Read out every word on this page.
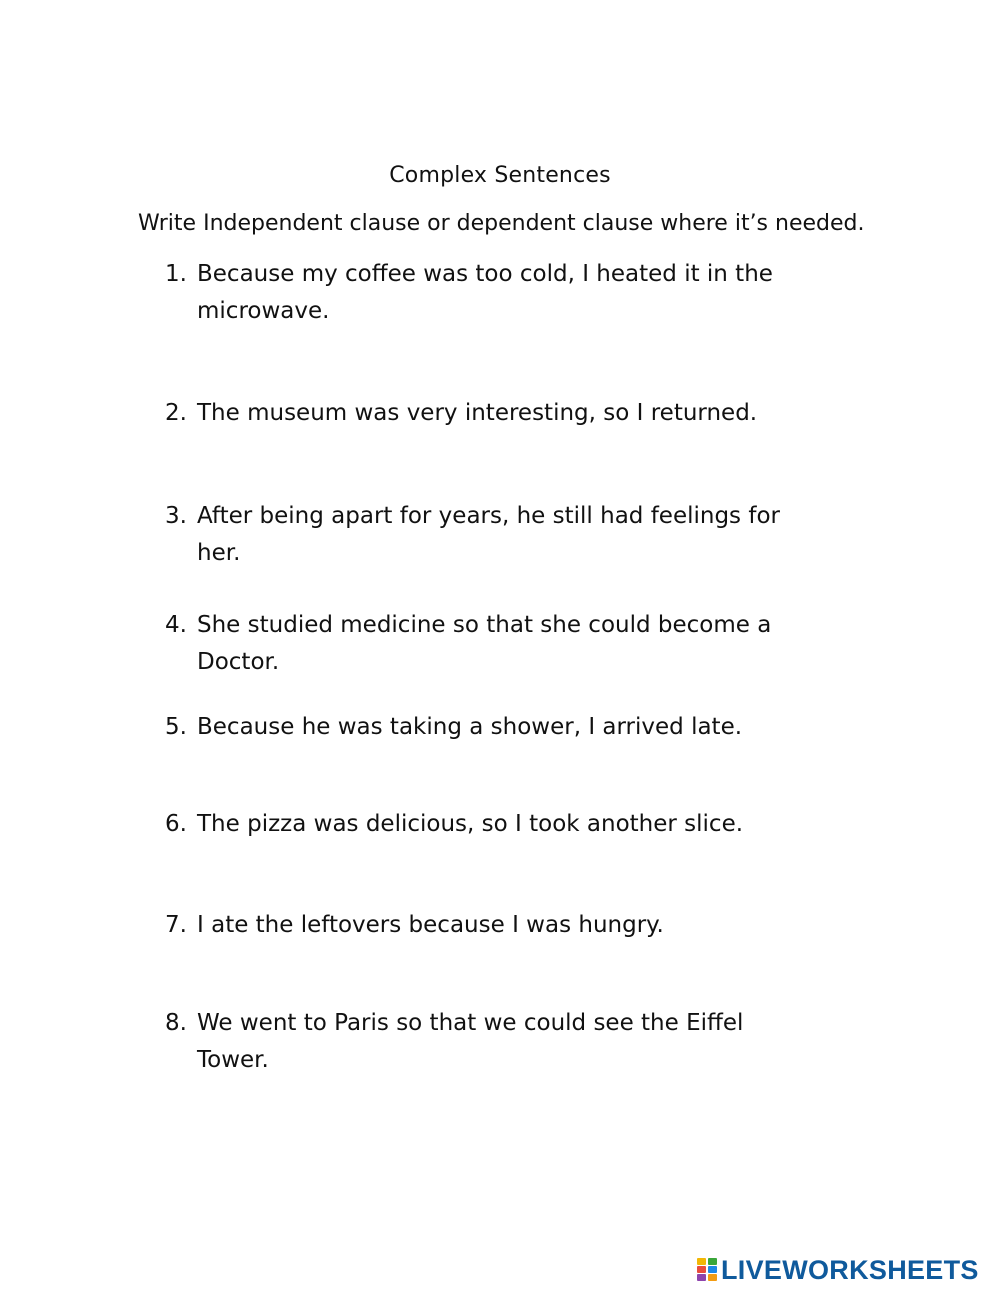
Complex Sentences
Write Independent clause or dependent clause where it’s needed.
1. Because my coffee was too cold, I heated it in the microwave.
2. The museum was very interesting, so I returned.
3. After being apart for years, he still had feelings for her.
4. She studied medicine so that she could become a Doctor.
5. Because he was taking a shower, I arrived late.
6. The pizza was delicious, so I took another slice.
7. I ate the leftovers because I was hungry.
8. We went to Paris so that we could see the Eiffel Tower.
LIVEWORKSHEETS
